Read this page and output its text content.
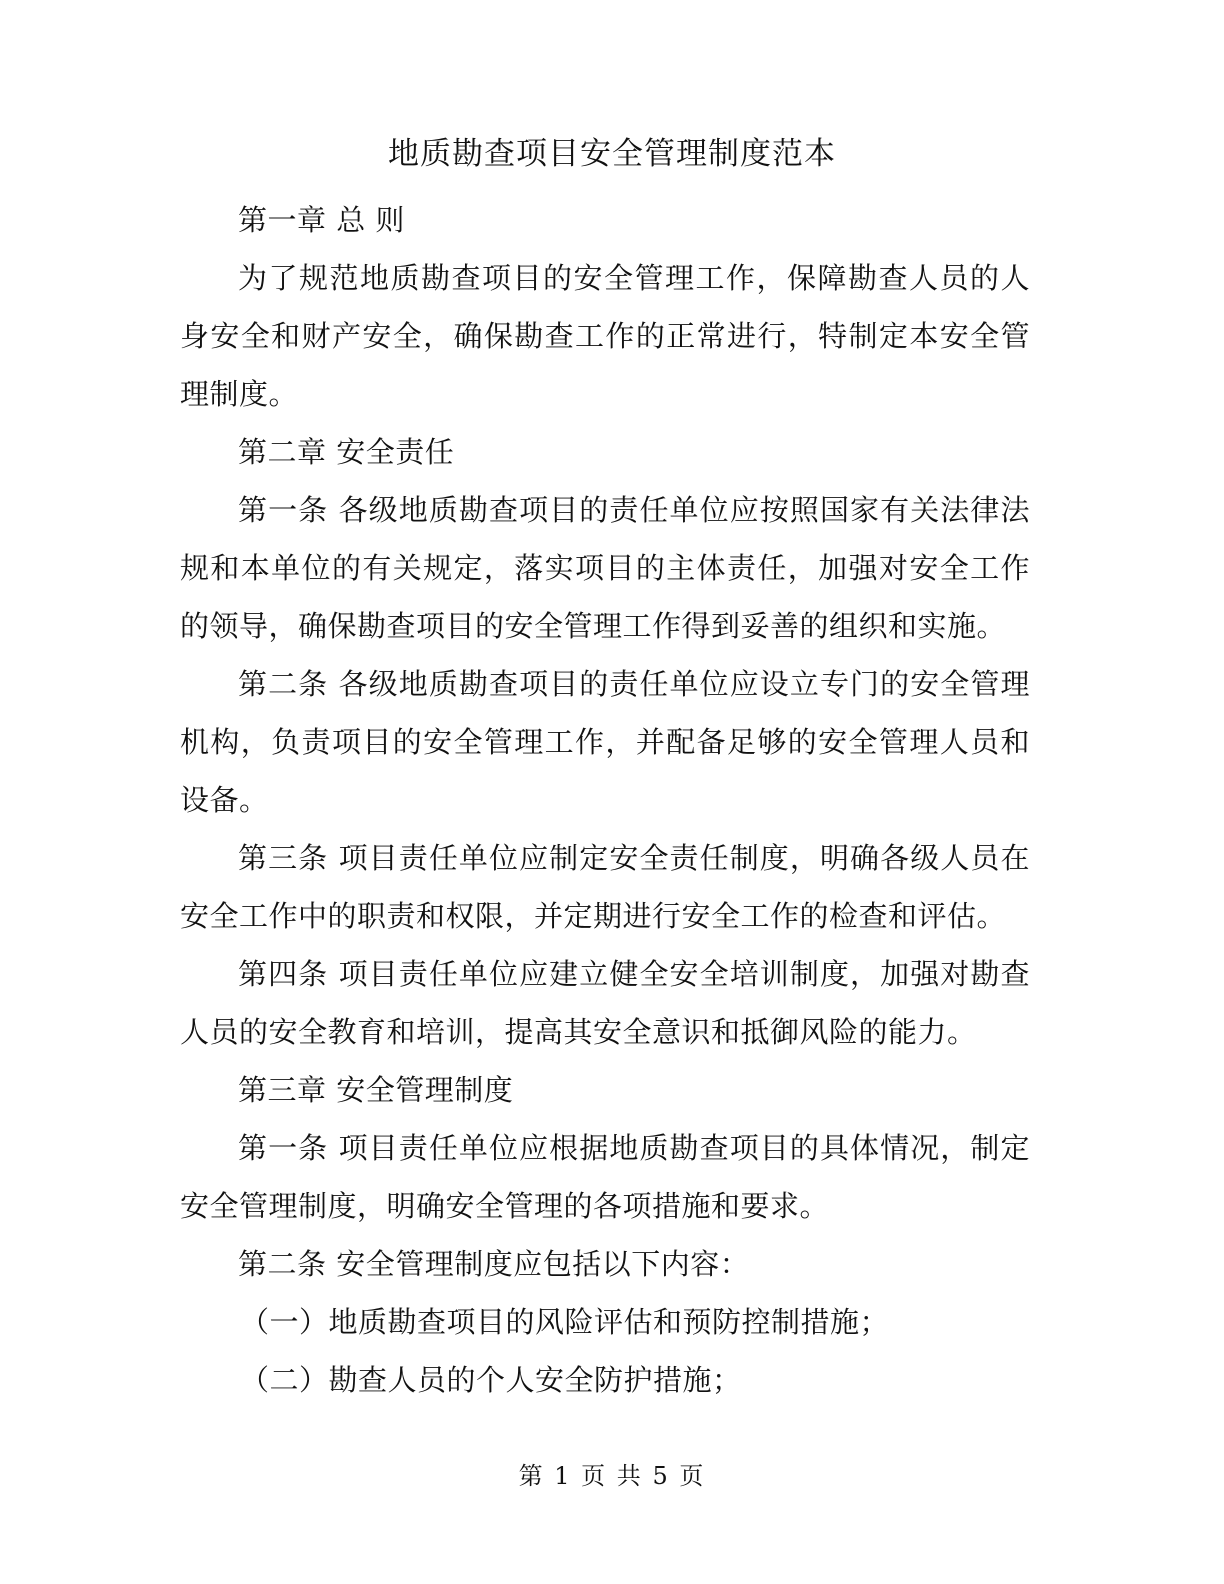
地质勘查项目安全管理制度范本

第一章 总 则

为了规范地质勘查项目的安全管理工作，保障勘查人员的人身安全和财产安全，确保勘查工作的正常进行，特制定本安全管理制度。

第二章 安全责任

第一条 各级地质勘查项目的责任单位应按照国家有关法律法规和本单位的有关规定，落实项目的主体责任，加强对安全工作的领导，确保勘查项目的安全管理工作得到妥善的组织和实施。

第二条 各级地质勘查项目的责任单位应设立专门的安全管理机构，负责项目的安全管理工作，并配备足够的安全管理人员和设备。

第三条 项目责任单位应制定安全责任制度，明确各级人员在安全工作中的职责和权限，并定期进行安全工作的检查和评估。

第四条 项目责任单位应建立健全安全培训制度，加强对勘查人员的安全教育和培训，提高其安全意识和抵御风险的能力。

第三章 安全管理制度

第一条 项目责任单位应根据地质勘查项目的具体情况，制定安全管理制度，明确安全管理的各项措施和要求。

第二条 安全管理制度应包括以下内容：

（一）地质勘查项目的风险评估和预防控制措施；

（二）勘查人员的个人安全防护措施；

第 1 页 共 5 页
